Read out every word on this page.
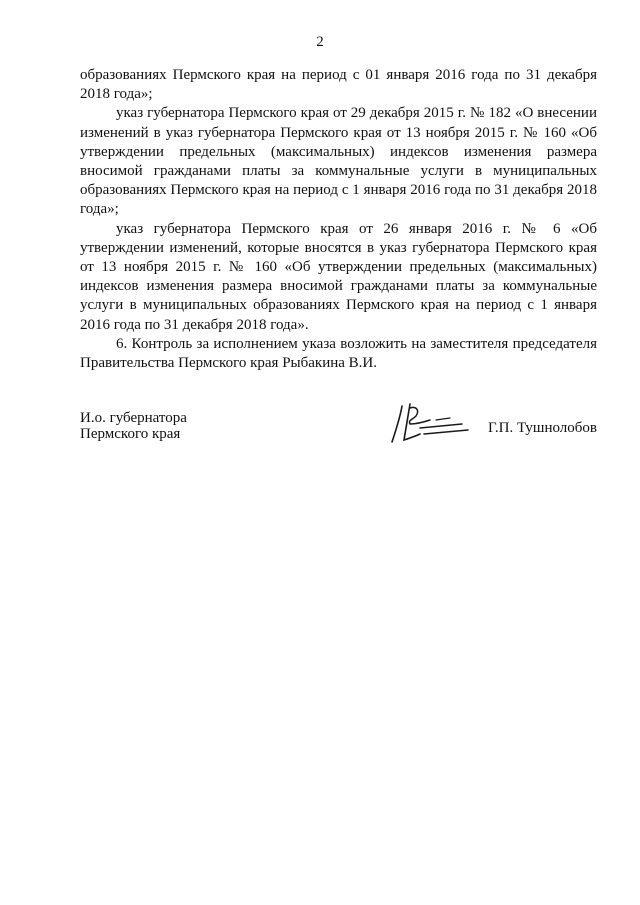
2

образованиях Пермского края на период с 01 января 2016 года по 31 декабря 2018 года»;

указ губернатора Пермского края от 29 декабря 2015 г. № 182 «О внесении изменений в указ губернатора Пермского края от 13 ноября 2015 г. № 160 «Об утверждении предельных (максимальных) индексов изменения размера вносимой гражданами платы за коммунальные услуги в муниципальных образованиях Пермского края на период с 1 января 2016 года по 31 декабря 2018 года»;

указ губернатора Пермского края от 26 января 2016 г. № 6 «Об утверждении изменений, которые вносятся в указ губернатора Пермского края от 13 ноября 2015 г. № 160 «Об утверждении предельных (максимальных) индексов изменения размера вносимой гражданами платы за коммунальные услуги в муниципальных образованиях Пермского края на период с 1 января 2016 года по 31 декабря 2018 года».

6. Контроль за исполнением указа возложить на заместителя председателя Правительства Пермского края Рыбакина В.И.

И.о. губернатора
Пермского края	Г.П. Тушнолобов
